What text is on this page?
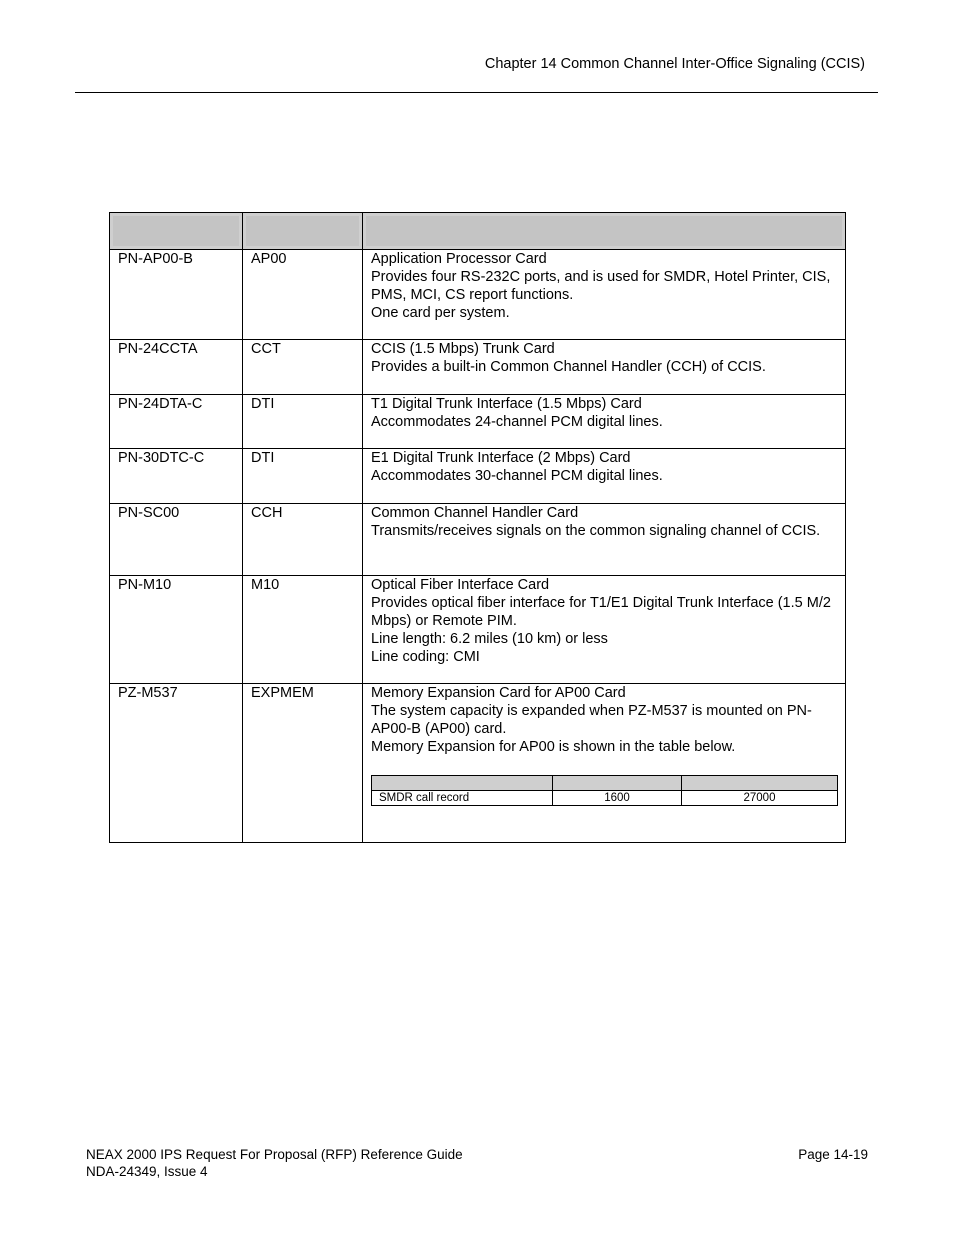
Chapter 14 Common Channel Inter-Office Signaling (CCIS)

PN-AP00-B	AP00	Application Processor Card
Provides four RS-232C ports, and is used for SMDR, Hotel Printer, CIS, PMS, MCI, CS report functions.
One card per system.

PN-24CCTA	CCT	CCIS (1.5 Mbps) Trunk Card
Provides a built-in Common Channel Handler (CCH) of CCIS.

PN-24DTA-C	DTI	T1 Digital Trunk Interface (1.5 Mbps) Card
Accommodates 24-channel PCM digital lines.

PN-30DTC-C	DTI	E1 Digital Trunk Interface (2 Mbps) Card
Accommodates 30-channel PCM digital lines.

PN-SC00	CCH	Common Channel Handler Card
Transmits/receives signals on the common signaling channel of CCIS.

PN-M10	M10	Optical Fiber Interface Card
Provides optical fiber interface for T1/E1 Digital Trunk Interface (1.5 M/2 Mbps) or Remote PIM.
Line length: 6.2 miles (10 km) or less
Line coding: CMI

PZ-M537	EXPMEM	Memory Expansion Card for AP00 Card
The system capacity is expanded when PZ-M537 is mounted on PN-AP00-B (AP00) card.
Memory Expansion for AP00 is shown in the table below.

SMDR call record	1600	27000
NEAX 2000 IPS Request For Proposal (RFP) Reference Guide
NDA-24349, Issue 4
Page 14-19
